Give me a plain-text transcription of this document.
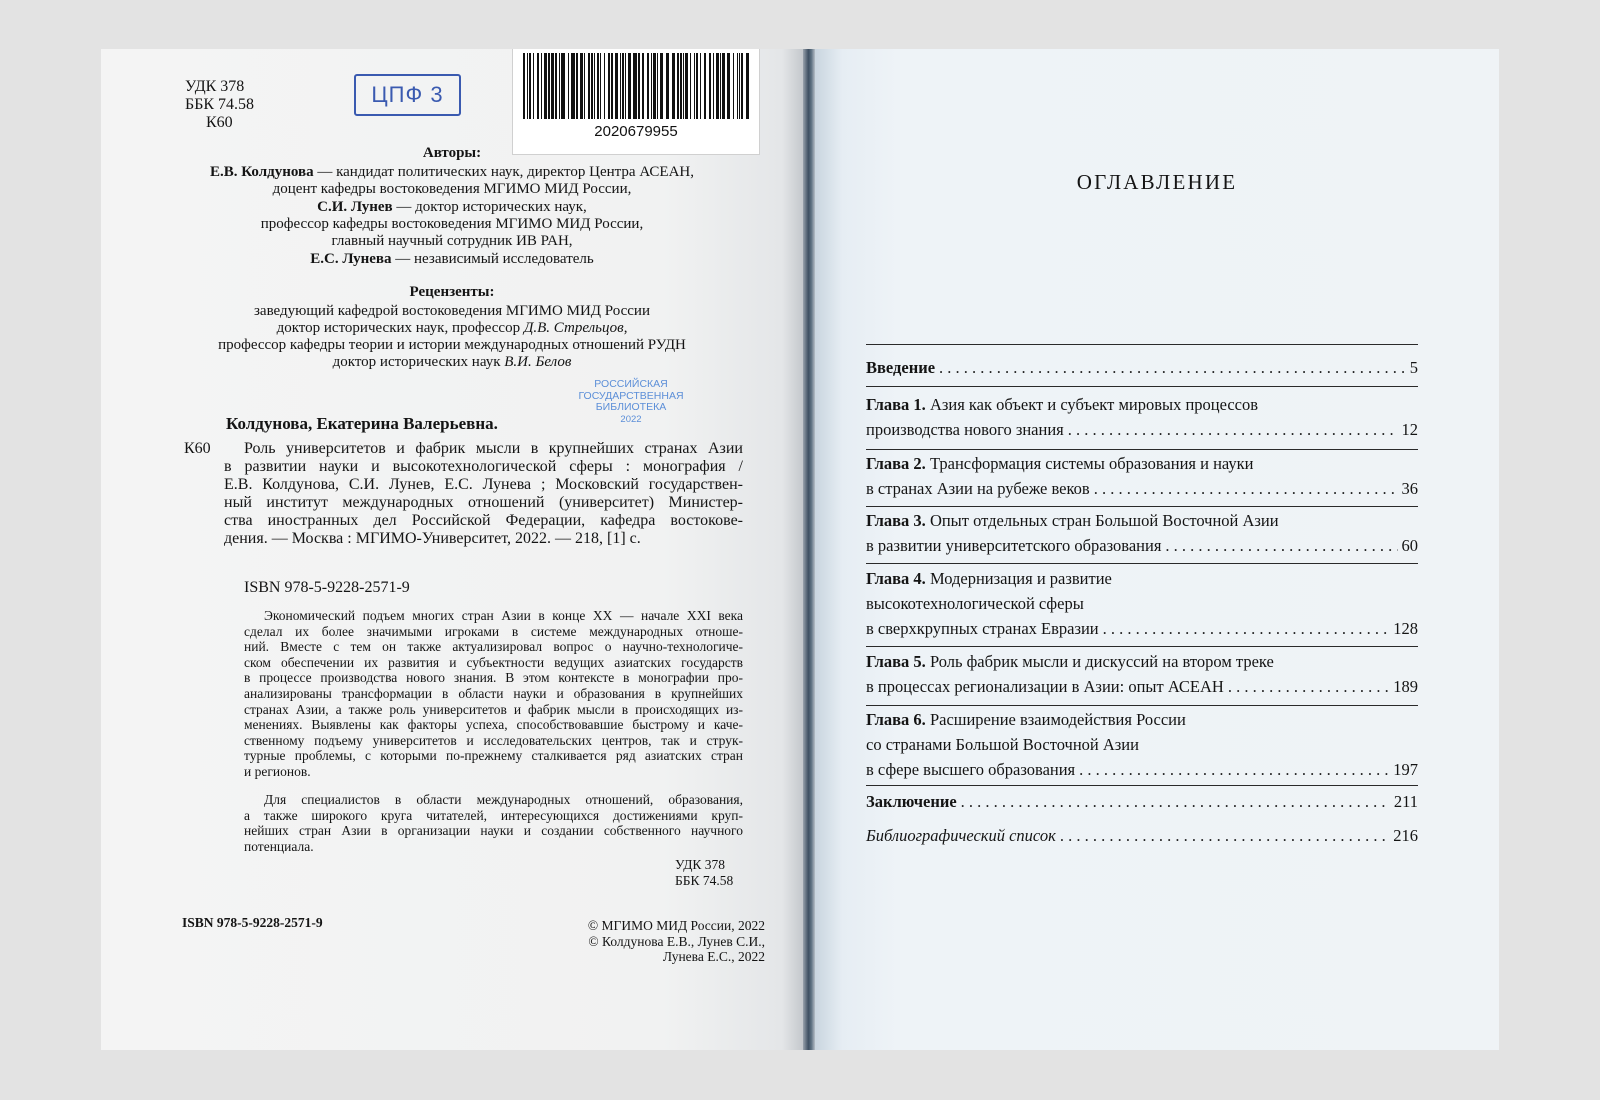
УДК 378
ББК 74.58
К60
ЦПФ 3
2020679955
Авторы:
Е.В. Колдунова — кандидат политических наук, директор Центра АСЕАН,
доцент кафедры востоковедения МГИМО МИД России,
С.И. Лунев — доктор исторических наук,
профессор кафедры востоковедения МГИМО МИД России,
главный научный сотрудник ИВ РАН,
Е.С. Лунева — независимый исследователь
Рецензенты:
заведующий кафедрой востоковедения МГИМО МИД России
доктор исторических наук, профессор Д.В. Стрельцов,
профессор кафедры теории и истории международных отношений РУДН
доктор исторических наук В.И. Белов
РОССИЙСКАЯ
ГОСУДАРСТВЕННАЯ
БИБЛИОТЕКА
2022
Колдунова, Екатерина Валерьевна.
К60	Роль университетов и фабрик мысли в крупнейших странах Азии
в развитии науки и высокотехнологической сферы : монография /
Е.В. Колдунова, С.И. Лунев, Е.С. Лунева ; Московский государствен-
ный институт международных отношений (университет) Министер-
ства иностранных дел Российской Федерации, кафедра востокове-
дения. — Москва : МГИМО-Университет, 2022. — 218, [1] с.
ISBN 978-5-9228-2571-9
Экономический подъем многих стран Азии в конце XX — начале XXI века
сделал их более значимыми игроками в системе международных отноше-
ний. Вместе с тем он также актуализировал вопрос о научно-технологиче-
ском обеспечении их развития и субъектности ведущих азиатских государств
в процессе производства нового знания. В этом контексте в монографии про-
анализированы трансформации в области науки и образования в крупнейших
странах Азии, а также роль университетов и фабрик мысли в происходящих из-
менениях. Выявлены как факторы успеха, способствовавшие быстрому и каче-
ственному подъему университетов и исследовательских центров, так и струк-
турные проблемы, с которыми по-прежнему сталкивается ряд азиатских стран
и регионов.
Для специалистов в области международных отношений, образования,
а также широкого круга читателей, интересующихся достижениями круп-
нейших стран Азии в организации науки и создании собственного научного
потенциала.
УДК 378
ББК 74.58
ISBN 978-5-9228-2571-9	© МГИМО МИД России, 2022
© Колдунова Е.В., Лунев С.И.,
Лунева Е.С., 2022
ОГЛАВЛЕНИЕ
Введение . . .	5
Глава 1. Азия как объект и субъект мировых процессов
производства нового знания . . .	12
Глава 2. Трансформация системы образования и науки
в странах Азии на рубеже веков . . .	36
Глава 3. Опыт отдельных стран Большой Восточной Азии
в развитии университетского образования . . .	60
Глава 4. Модернизация и развитие
высокотехнологической сферы
в сверхкрупных странах Евразии . . .	128
Глава 5. Роль фабрик мысли и дискуссий на втором треке
в процессах регионализации в Азии: опыт АСЕАН . . .	189
Глава 6. Расширение взаимодействия России
со странами Большой Восточной Азии
в сфере высшего образования . . .	197
Заключение . . .	211
Библиографический список . . .	216
